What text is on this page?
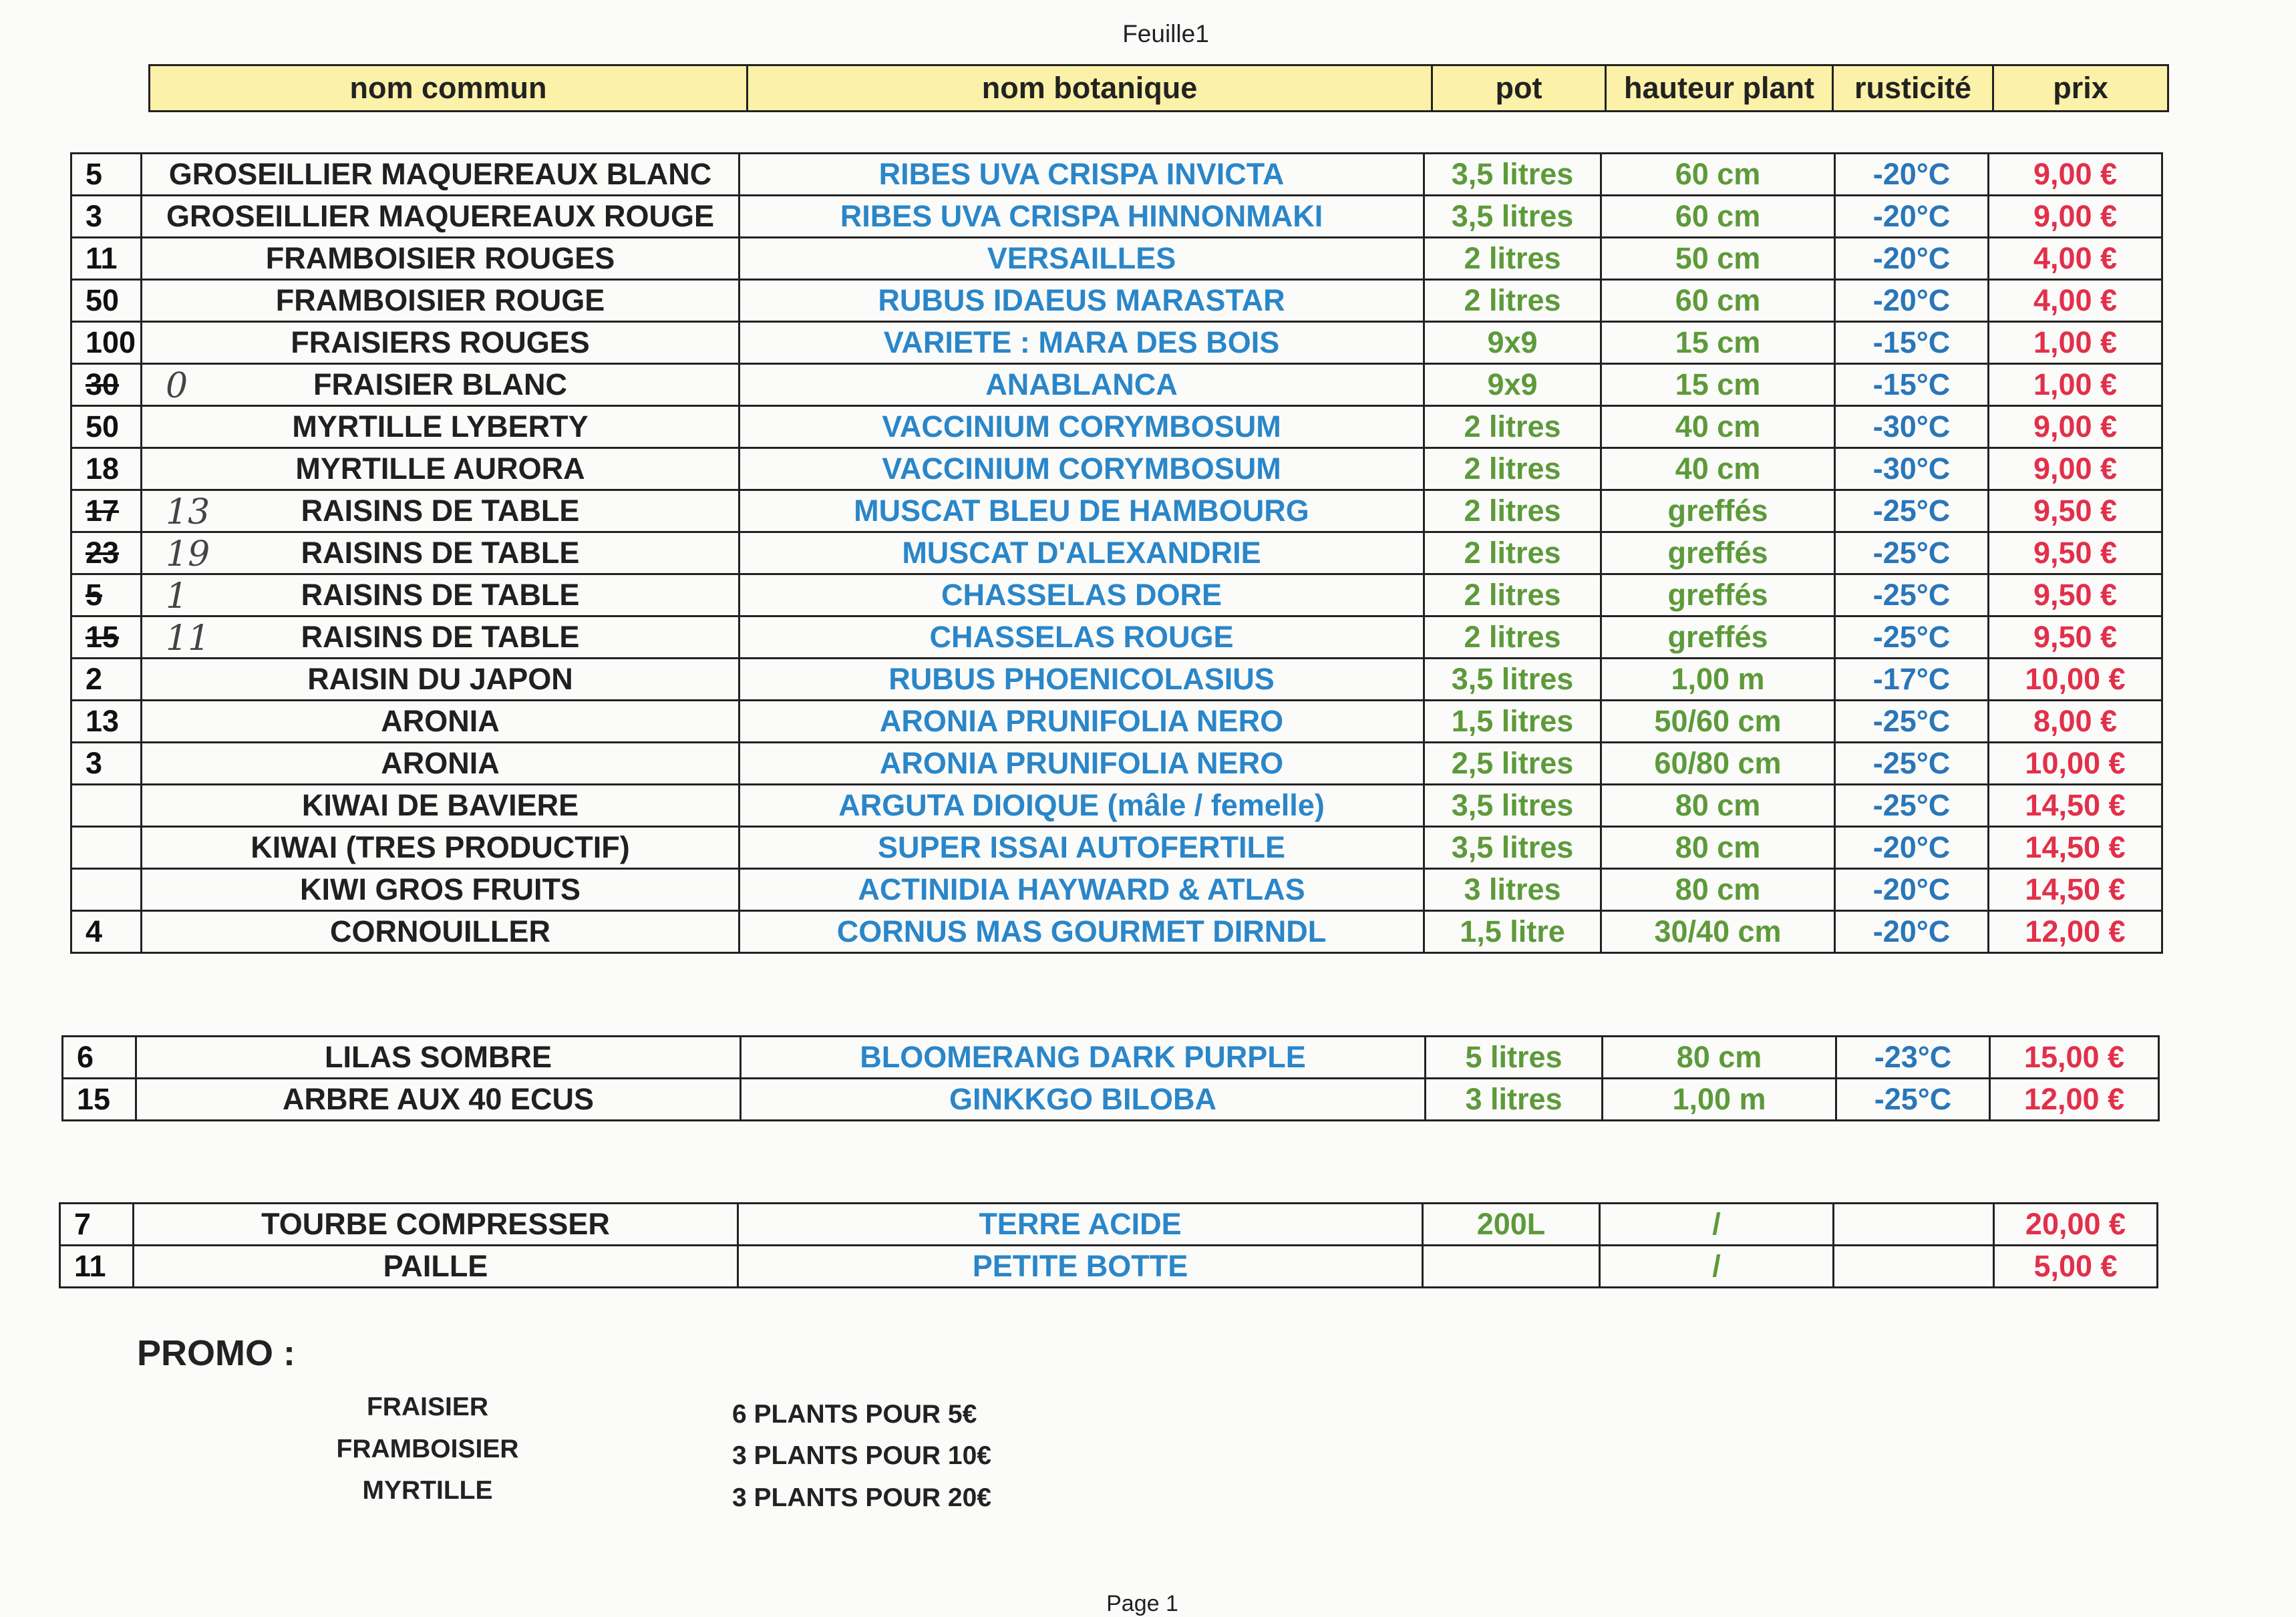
Feuille1
nom commun	nom botanique	pot	hauteur plant	rusticité	prix
5	GROSEILLIER MAQUEREAUX BLANC	RIBES UVA CRISPA INVICTA	3,5 litres	60 cm	-20°C	9,00 €
3	GROSEILLIER MAQUEREAUX ROUGE	RIBES UVA CRISPA HINNONMAKI	3,5 litres	60 cm	-20°C	9,00 €
11	FRAMBOISIER ROUGES	VERSAILLES	2 litres	50 cm	-20°C	4,00 €
50	FRAMBOISIER ROUGE	RUBUS IDAEUS MARASTAR	2 litres	60 cm	-20°C	4,00 €
100	FRAISIERS ROUGES	VARIETE : MARA DES BOIS	9x9	15 cm	-15°C	1,00 €
30 0	FRAISIER BLANC	ANABLANCA	9x9	15 cm	-15°C	1,00 €
50	MYRTILLE LYBERTY	VACCINIUM CORYMBOSUM	2 litres	40 cm	-30°C	9,00 €
18	MYRTILLE AURORA	VACCINIUM CORYMBOSUM	2 litres	40 cm	-30°C	9,00 €
17 13	RAISINS DE TABLE	MUSCAT BLEU DE HAMBOURG	2 litres	greffés	-25°C	9,50 €
23 19	RAISINS DE TABLE	MUSCAT D'ALEXANDRIE	2 litres	greffés	-25°C	9,50 €
5 1	RAISINS DE TABLE	CHASSELAS DORE	2 litres	greffés	-25°C	9,50 €
15 11	RAISINS DE TABLE	CHASSELAS ROUGE	2 litres	greffés	-25°C	9,50 €
2	RAISIN DU JAPON	RUBUS PHOENICOLASIUS	3,5 litres	1,00 m	-17°C	10,00 €
13	ARONIA	ARONIA PRUNIFOLIA NERO	1,5 litres	50/60 cm	-25°C	8,00 €
3	ARONIA	ARONIA PRUNIFOLIA NERO	2,5 litres	60/80 cm	-25°C	10,00 €
	KIWAI DE BAVIERE	ARGUTA DIOIQUE (mâle / femelle)	3,5 litres	80 cm	-25°C	14,50 €
	KIWAI (TRES PRODUCTIF)	SUPER ISSAI AUTOFERTILE	3,5 litres	80 cm	-20°C	14,50 €
	KIWI GROS FRUITS	ACTINIDIA HAYWARD & ATLAS	3 litres	80 cm	-20°C	14,50 €
4	CORNOUILLER	CORNUS MAS GOURMET DIRNDL	1,5 litre	30/40 cm	-20°C	12,00 €
6	LILAS SOMBRE	BLOOMERANG DARK PURPLE	5 litres	80 cm	-23°C	15,00 €
15	ARBRE AUX 40 ECUS	GINKKGO BILOBA	3 litres	1,00 m	-25°C	12,00 €
7	TOURBE COMPRESSER	TERRE ACIDE	200L	/		20,00 €
11	PAILLE	PETITE BOTTE		/		5,00 €
PROMO :
FRAISIER	6 PLANTS POUR 5€
FRAMBOISIER	3 PLANTS POUR 10€
MYRTILLE	3 PLANTS POUR 20€
Page 1
